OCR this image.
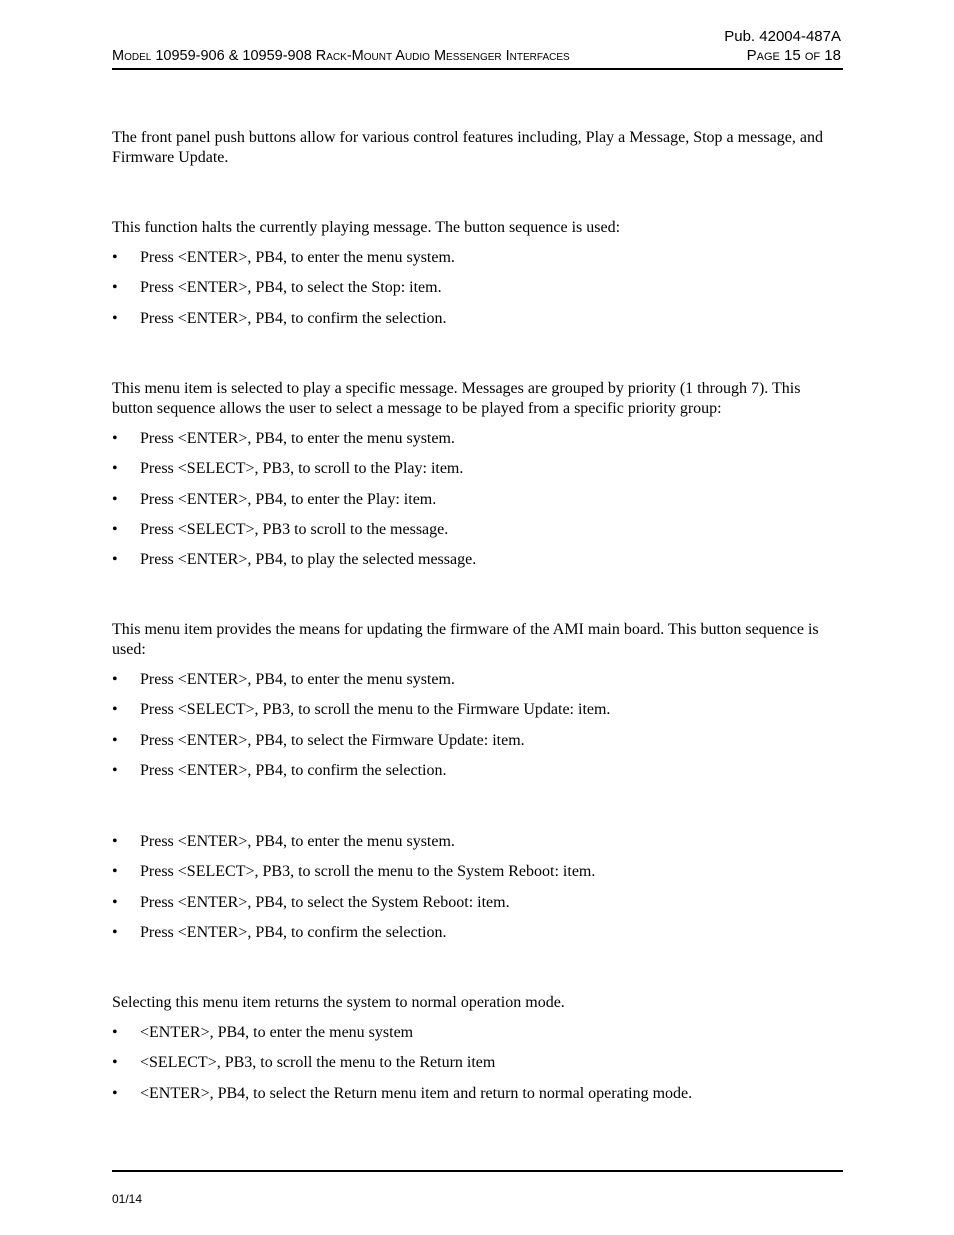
Pub. 42004-487A
Model 10959-906 & 10959-908 Rack-Mount Audio Messenger Interfaces	Page 15 of 18

The front panel push buttons allow for various control features including, Play a Message, Stop a message, and Firmware Update.

This function halts the currently playing message. The button sequence is used:

• Press <ENTER>, PB4, to enter the menu system.
• Press <ENTER>, PB4, to select the Stop: item.
• Press <ENTER>, PB4, to confirm the selection.

This menu item is selected to play a specific message. Messages are grouped by priority (1 through 7). This button sequence allows the user to select a message to be played from a specific priority group:

• Press <ENTER>, PB4, to enter the menu system.
• Press <SELECT>, PB3, to scroll to the Play: item.
• Press <ENTER>, PB4, to enter the Play: item.
• Press <SELECT>, PB3 to scroll to the message.
• Press <ENTER>, PB4, to play the selected message.

This menu item provides the means for updating the firmware of the AMI main board. This button sequence is used:

• Press <ENTER>, PB4, to enter the menu system.
• Press <SELECT>, PB3, to scroll the menu to the Firmware Update: item.
• Press <ENTER>, PB4, to select the Firmware Update: item.
• Press <ENTER>, PB4, to confirm the selection.
• Press <ENTER>, PB4, to enter the menu system.
• Press <SELECT>, PB3, to scroll the menu to the System Reboot: item.
• Press <ENTER>, PB4, to select the System Reboot: item.
• Press <ENTER>, PB4, to confirm the selection.

Selecting this menu item returns the system to normal operation mode.

• <ENTER>, PB4, to enter the menu system
• <SELECT>, PB3, to scroll the menu to the Return item
• <ENTER>, PB4, to select the Return menu item and return to normal operating mode.
01/14
